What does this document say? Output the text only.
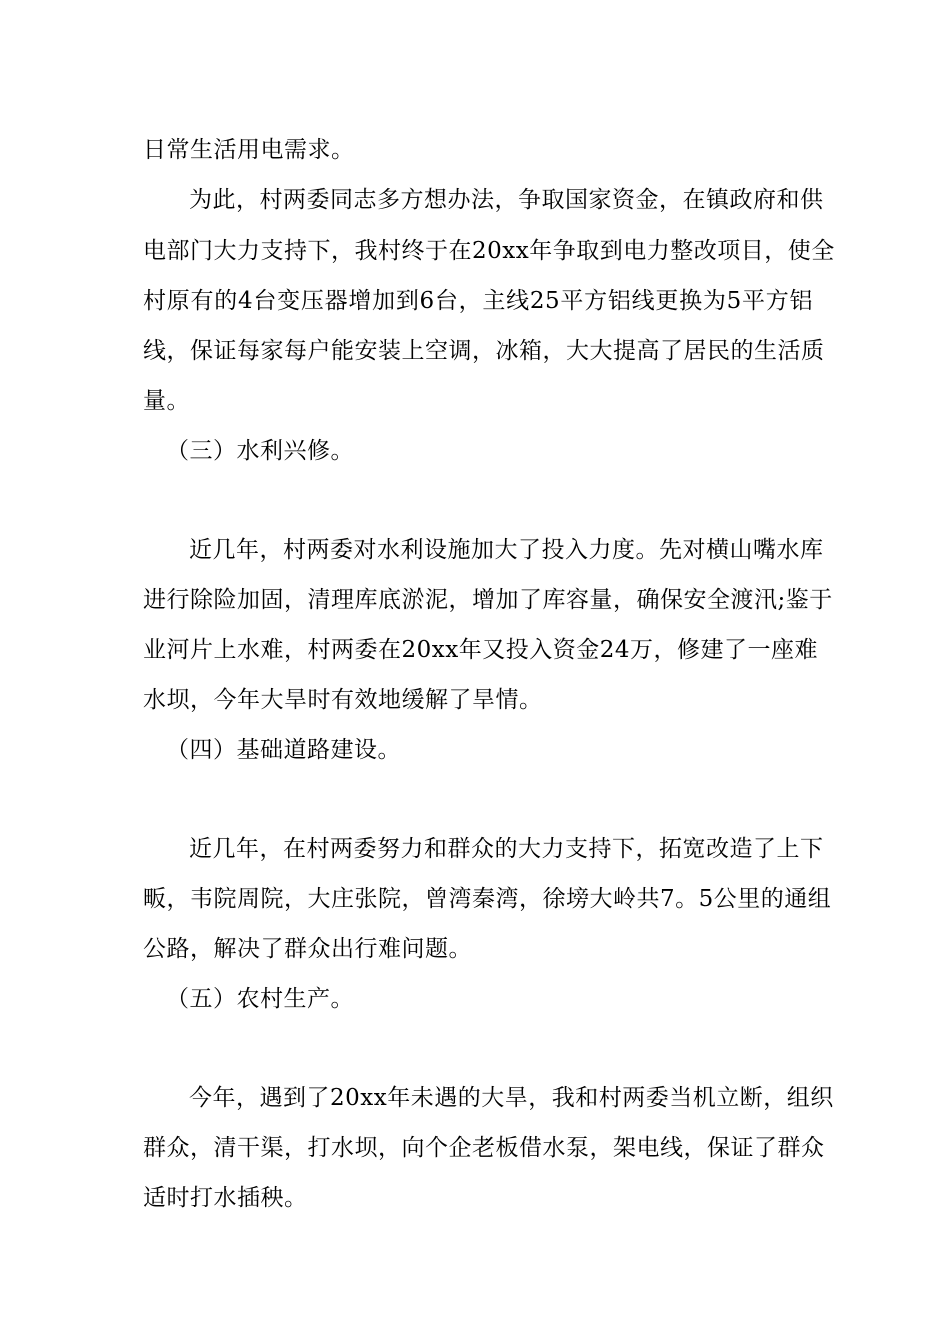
日常生活用电需求。
为此，村两委同志多方想办法，争取国家资金，在镇政府和供
电部门大力支持下，我村终于在20xx年争取到电力整改项目，使全
村原有的4台变压器增加到6台，主线25平方铝线更换为5平方铝
线，保证每家每户能安装上空调，冰箱，大大提高了居民的生活质
量。
（三）水利兴修。
近几年，村两委对水利设施加大了投入力度。先对横山嘴水库
进行除险加固，清理库底淤泥，增加了库容量，确保安全渡汛;鉴于
业河片上水难，村两委在20xx年又投入资金24万，修建了一座难
水坝，今年大旱时有效地缓解了旱情。
（四）基础道路建设。
近几年，在村两委努力和群众的大力支持下，拓宽改造了上下
畈，韦院周院，大庄张院，曾湾秦湾，徐塝大岭共7。5公里的通组
公路，解决了群众出行难问题。
（五）农村生产。
今年，遇到了20xx年未遇的大旱，我和村两委当机立断，组织
群众，清干渠，打水坝，向个企老板借水泵，架电线，保证了群众
适时打水插秧。
